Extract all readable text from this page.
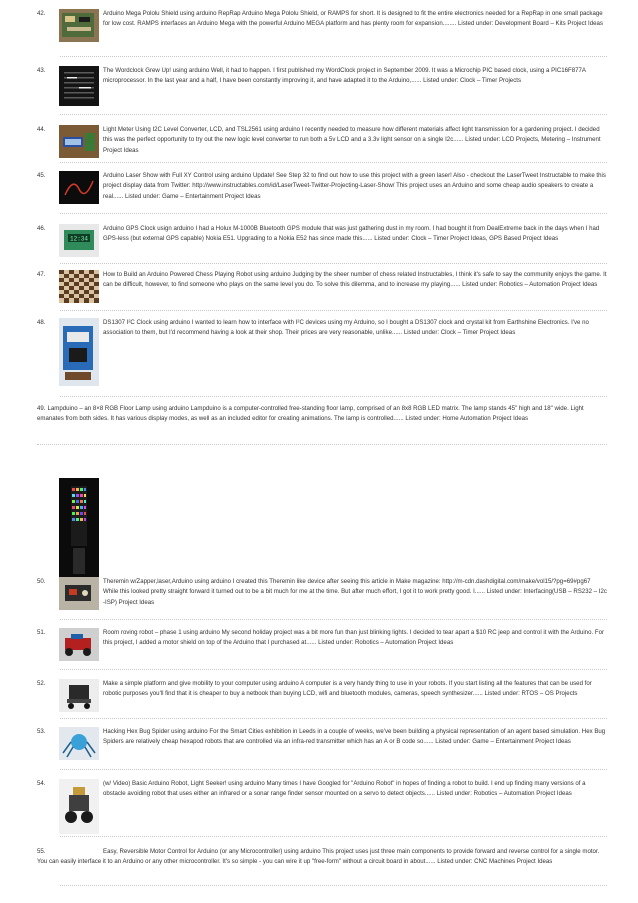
42.	Arduino Mega Pololu Shield using arduino RepRap Arduino Mega Pololu Shield, or RAMPS for short. It is designed to fit the entire electronics needed for a RepRap in one small package for low cost. RAMPS interfaces an Arduino Mega with the powerful Arduino MEGA platform and has plenty room for expansion........ Listed under: Development Board – Kits Project Ideas
43.	The Wordclock Grew Up! using arduino Well, it had to happen. I first published my WordClock project in September 2009. It was a Microchip PIC based clock, using a PIC16F877A microprocessor. In the last year and a half, I have been constantly improving it, and have adapted it to the Arduino,...... Listed under: Clock – Timer Projects
44.	Light Meter Using I2C Level Converter, LCD, and TSL2561 using arduino I recently needed to measure how different materials affect light transmission for a gardening project. I decided this was the perfect opportunity to try out the new logic level converter to run both a 5v LCD and a 3.3v light sensor on a single I2c...... Listed under: LCD Projects, Metering – Instrument Project Ideas
45.	Arduino Laser Show with Full XY Control using arduino Update! See Step 32 to find out how to use this project with a green laser! Also - checkout the LaserTweet Instructable to make this project display data from Twitter: http://www.instructables.com/id/LaserTweet-Twitter-Projecting-Laser-Show/ This project uses an Arduino and some cheap audio speakers to create a real...... Listed under: Game – Entertainment Project Ideas
46.
12:34
Arduino GPS Clock usign arduino I had a Holux M-1000B Bluetooth GPS module that was just gathering dust in my room. I had bought it from DealExtreme back in the days when I had GPS-less (but external GPS capable) Nokia E51. Upgrading to a Nokia E52 has since made this...... Listed under: Clock – Timer Project Ideas, GPS Based Project Ideas
47.	How to Build an Arduino Powered Chess Playing Robot using arduino Judging by the sheer number of chess related Instructables, I think it's safe to say the community enjoys the game. It can be difficult, however, to find someone who plays on the same level you do. To solve this dilemma, and to increase my playing...... Listed under: Robotics – Automation Project Ideas
48.	DS1307 I²C Clock using arduino I wanted to learn how to interface with I²C devices using my Arduino, so I bought a DS1307 clock and crystal kit from Earthshine Electronics. I've no association to them, but I'd recommend having a look at their shop. Their prices are very reasonable, unlike...... Listed under: Clock – Timer Project Ideas
49. Lampduino – an 8×8 RGB Floor Lamp using arduino Lampduino is a computer-controlled free-standing floor lamp, comprised of an 8x8 RGB LED matrix. The lamp stands 45" high and 18" wide. Light emanates from both sides. It has various display modes, as well as an included editor for creating animations. The lamp is controlled...... Listed under: Home Automation Project Ideas
50.	Theremin w/Zapper,laser,Arduino using arduino I created this Theremin like device after seeing this article in Make magazine: http://m-cdn.dashdigital.com/make/vol15/?pg=69#pg67 While this looked pretty straight forward it turned out to be a bit much for me at the time. But after much effort, I got it to work pretty good. I...... Listed under: Interfacing(USB – RS232 – I2c -ISP) Project Ideas
51.	Room roving robot – phase 1 using arduino My second holiday project was a bit more fun than just blinking lights. I decided to tear apart a $10 RC jeep and control it with the Arduino. For this project, I added a motor shield on top of the Arduino that I purchased at...... Listed under: Robotics – Automation Project Ideas
52.	Make a simple platform and give mobility to your computer using arduino A computer is a very handy thing to use in your robots. If you start listing all the features that can be used for robotic purposes you'll find that it is cheaper to buy a netbook than buying LCD, wifi and bluetooth modules, cameras, speech synthesizer...... Listed under: RTOS – OS Projects
53.	Hacking Hex Bug Spider using arduino For the Smart Cities exhibition in Leeds in a couple of weeks, we've been building a physical representation of an agent based simulation. Hex Bug Spiders are relatively cheap hexapod robots that are controlled via an infra-red transmitter which has an A or B code so...... Listed under: Game – Entertainment Project Ideas
54.	(w/ Video) Basic Arduino Robot, Light Seeker! using arduino Many times I have Googled for "Arduino Robot" in hopes of finding a robot to build. I end up finding many versions of a obstacle avoiding robot that uses either an infrared or a sonar range finder sensor mounted on a servo to detect objects...... Listed under: Robotics – Automation Project Ideas
55.	Easy, Reversible Motor Control for Arduino (or any Microcontroller) using arduino This project uses just three main components to provide forward and reverse control for a single motor. You can easily interface it to an Arduino or any other microcontroller. It's so simple - you can wire it up "free-form" without a circuit board in about...... Listed under: CNC Machines Project Ideas
